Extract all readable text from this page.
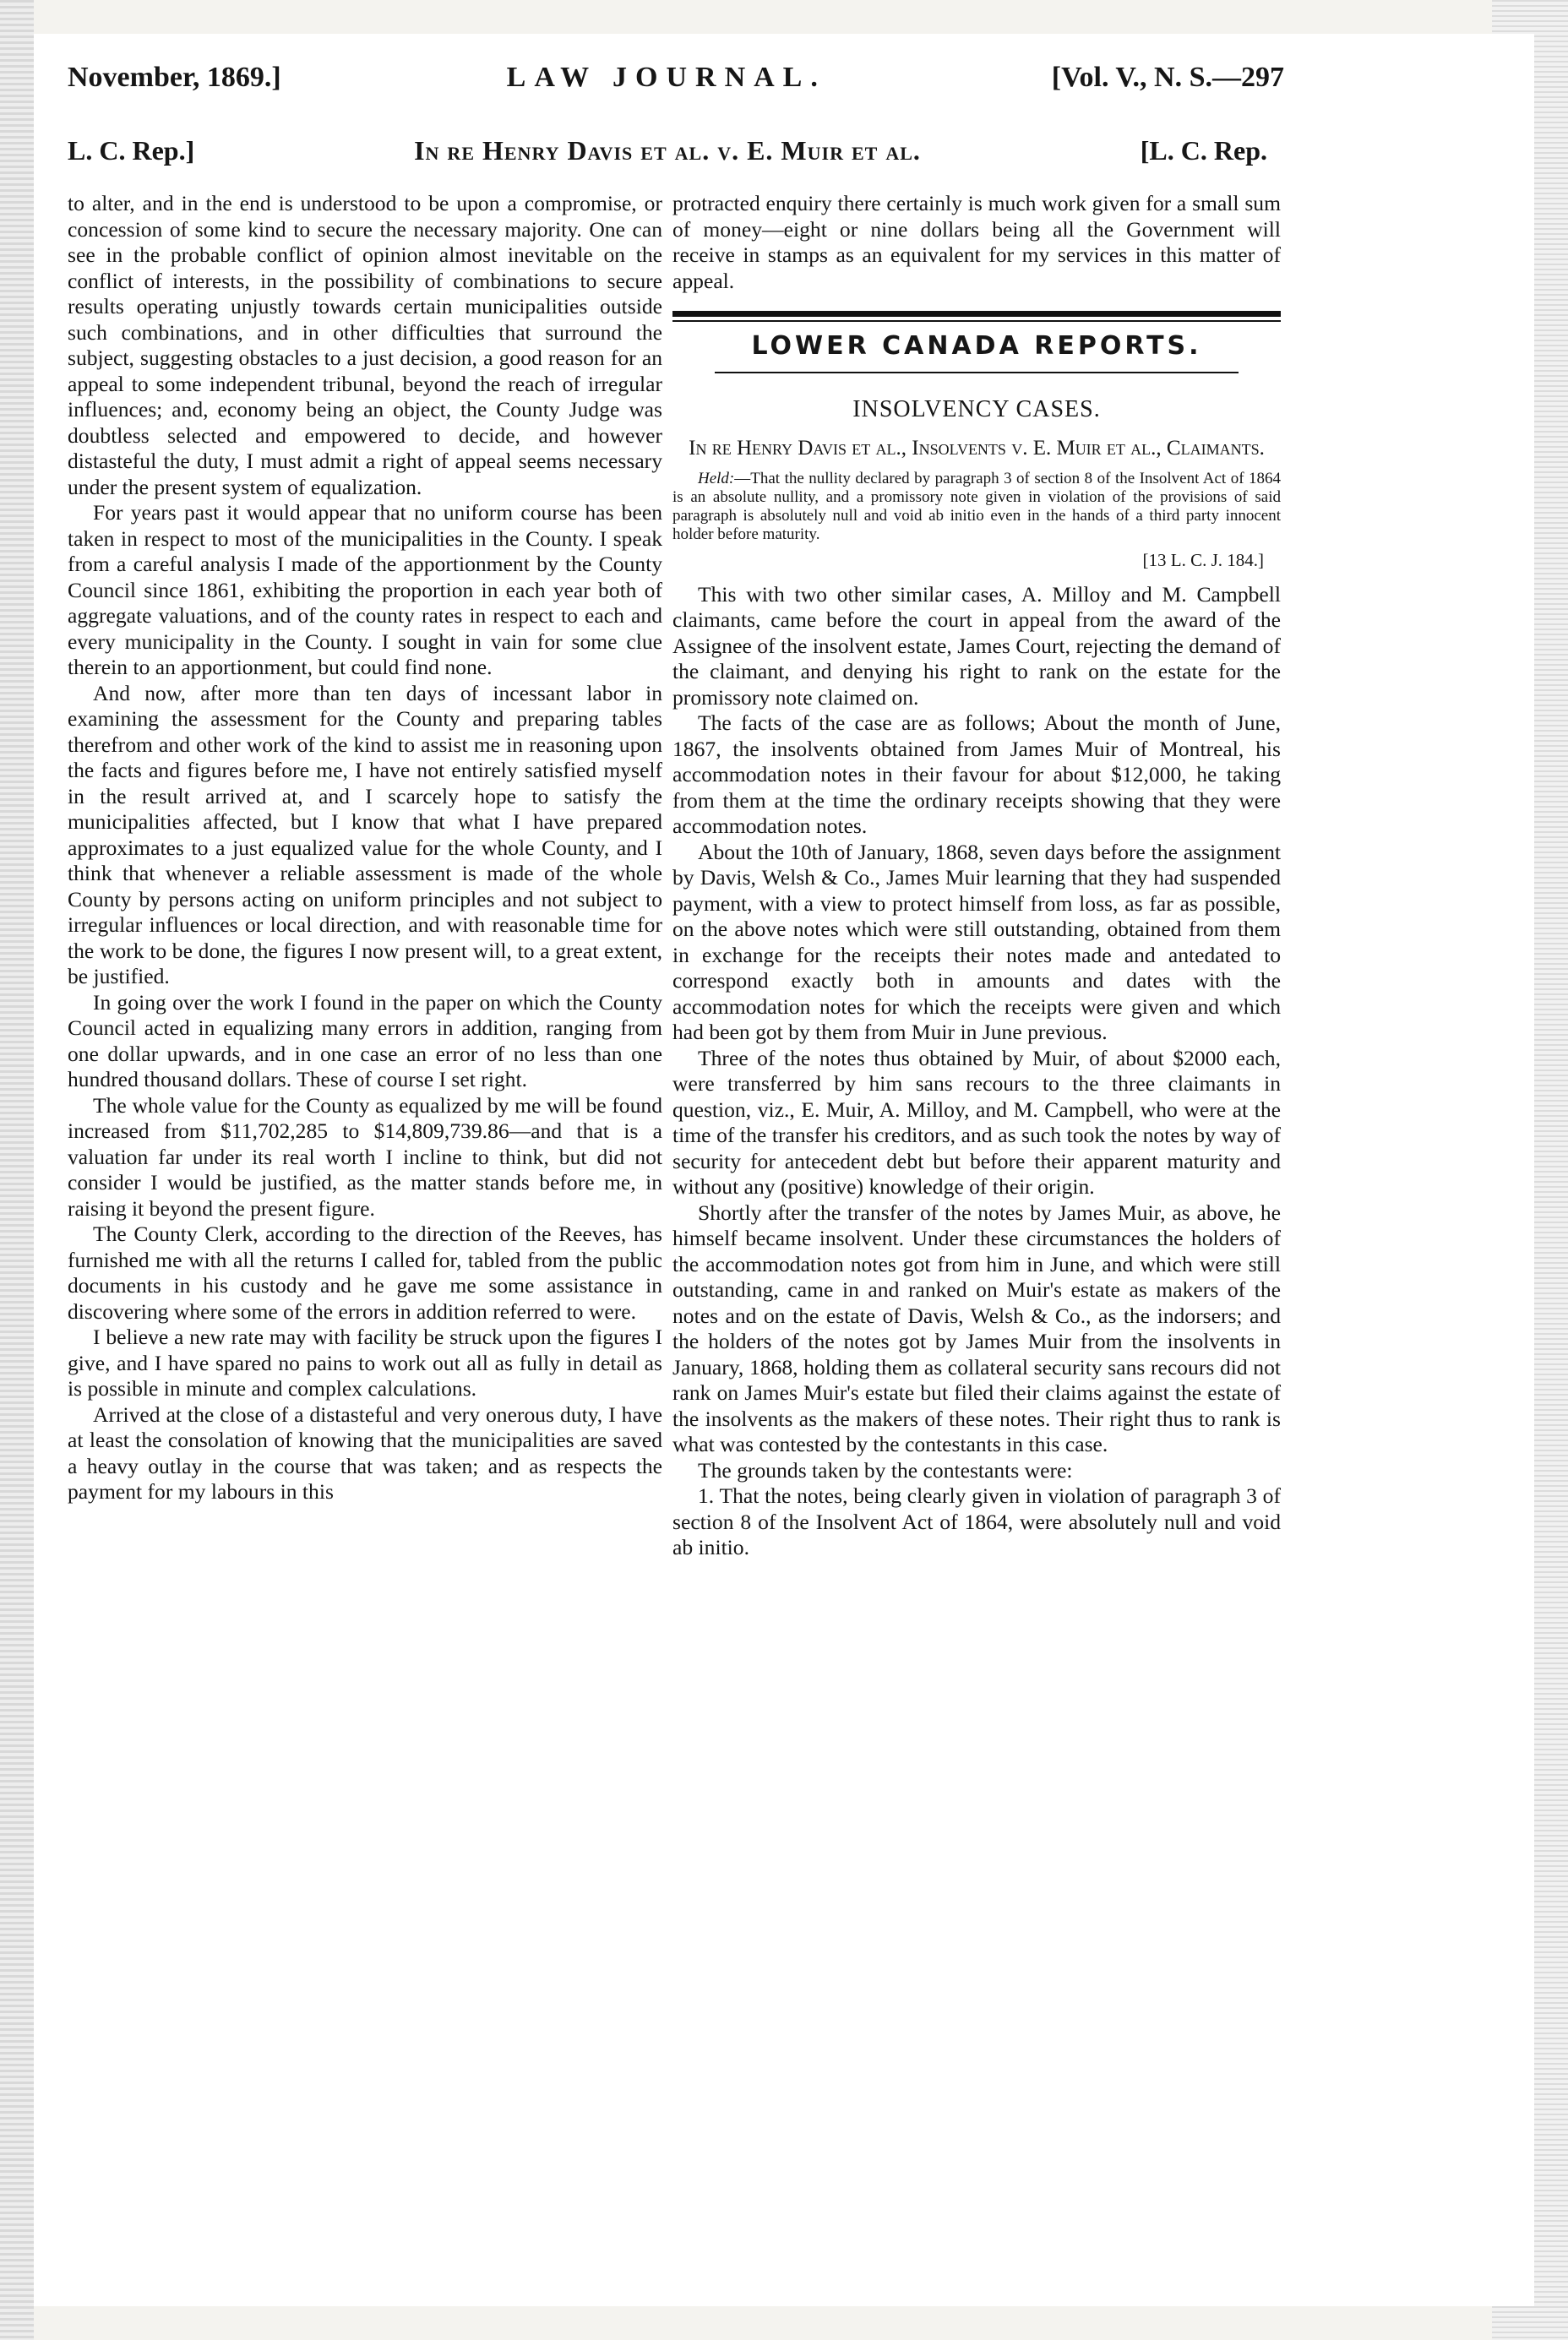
November, 1869.]	LAW JOURNAL.	[Vol. V., N. S.—297
L. C. Rep.]	In re Henry Davis et al. v. E. Muir et al.	[L. C. Rep.

to alter, and in the end is understood to be upon a compromise, or concession of some kind to secure the necessary majority. One can see in the probable conflict of opinion almost inevitable on the conflict of interests, in the possibility of combinations to secure results operating unjustly towards certain municipalities outside such combinations, and in other difficulties that surround the subject, suggesting obstacles to a just decision, a good reason for an appeal to some independent tribunal, beyond the reach of irregular influences; and, economy being an object, the County Judge was doubtless selected and empowered to decide, and however distasteful the duty, I must admit a right of appeal seems necessary under the present system of equalization.

For years past it would appear that no uniform course has been taken in respect to most of the municipalities in the County. I speak from a careful analysis I made of the apportionment by the County Council since 1861, exhibiting the proportion in each year both of aggregate valuations, and of the county rates in respect to each and every municipality in the County. I sought in vain for some clue therein to an apportionment, but could find none.

And now, after more than ten days of incessant labor in examining the assessment for the County and preparing tables therefrom and other work of the kind to assist me in reasoning upon the facts and figures before me, I have not entirely satisfied myself in the result arrived at, and I scarcely hope to satisfy the municipalities affected, but I know that what I have prepared approximates to a just equalized value for the whole County, and I think that whenever a reliable assessment is made of the whole County by persons acting on uniform principles and not subject to irregular influences or local direction, and with reasonable time for the work to be done, the figures I now present will, to a great extent, be justified.

In going over the work I found in the paper on which the County Council acted in equalizing many errors in addition, ranging from one dollar upwards, and in one case an error of no less than one hundred thousand dollars. These of course I set right.

The whole value for the County as equalized by me will be found increased from $11,702,285 to $14,809,739.86—and that is a valuation far under its real worth I incline to think, but did not consider I would be justified, as the matter stands before me, in raising it beyond the present figure.

The County Clerk, according to the direction of the Reeves, has furnished me with all the returns I called for, tabled from the public documents in his custody and he gave me some assistance in discovering where some of the errors in addition referred to were.

I believe a new rate may with facility be struck upon the figures I give, and I have spared no pains to work out all as fully in detail as is possible in minute and complex calculations.

Arrived at the close of a distasteful and very onerous duty, I have at least the consolation of knowing that the municipalities are saved a heavy outlay in the course that was taken; and as respects the payment for my labours in this

protracted enquiry there certainly is much work given for a small sum of money—eight or nine dollars being all the Government will receive in stamps as an equivalent for my services in this matter of appeal.

LOWER CANADA REPORTS.
INSOLVENCY CASES.
In re Henry Davis et al., Insolvents v. E. Muir et al., Claimants.

Held:—That the nullity declared by paragraph 3 of section 8 of the Insolvent Act of 1864 is an absolute nullity, and a promissory note given in violation of the provisions of said paragraph is absolutely null and void ab initio even in the hands of a third party innocent holder before maturity.

[13 L. C. J. 184.]

This with two other similar cases, A. Milloy and M. Campbell claimants, came before the court in appeal from the award of the Assignee of the insolvent estate, James Court, rejecting the demand of the claimant, and denying his right to rank on the estate for the promissory note claimed on.

The facts of the case are as follows; About the month of June, 1867, the insolvents obtained from James Muir of Montreal, his accommodation notes in their favour for about $12,000, he taking from them at the time the ordinary receipts showing that they were accommodation notes.

About the 10th of January, 1868, seven days before the assignment by Davis, Welsh & Co., James Muir learning that they had suspended payment, with a view to protect himself from loss, as far as possible, on the above notes which were still outstanding, obtained from them in exchange for the receipts their notes made and antedated to correspond exactly both in amounts and dates with the accommodation notes for which the receipts were given and which had been got by them from Muir in June previous.

Three of the notes thus obtained by Muir, of about $2000 each, were transferred by him sans recours to the three claimants in question, viz., E. Muir, A. Milloy, and M. Campbell, who were at the time of the transfer his creditors, and as such took the notes by way of security for antecedent debt but before their apparent maturity and without any (positive) knowledge of their origin.

Shortly after the transfer of the notes by James Muir, as above, he himself became insolvent. Under these circumstances the holders of the accommodation notes got from him in June, and which were still outstanding, came in and ranked on Muir's estate as makers of the notes and on the estate of Davis, Welsh & Co., as the indorsers; and the holders of the notes got by James Muir from the insolvents in January, 1868, holding them as collateral security sans recours did not rank on James Muir's estate but filed their claims against the estate of the insolvents as the makers of these notes. Their right thus to rank is what was contested by the contestants in this case.

The grounds taken by the contestants were:

1. That the notes, being clearly given in violation of paragraph 3 of section 8 of the Insolvent Act of 1864, were absolutely null and void ab initio.
